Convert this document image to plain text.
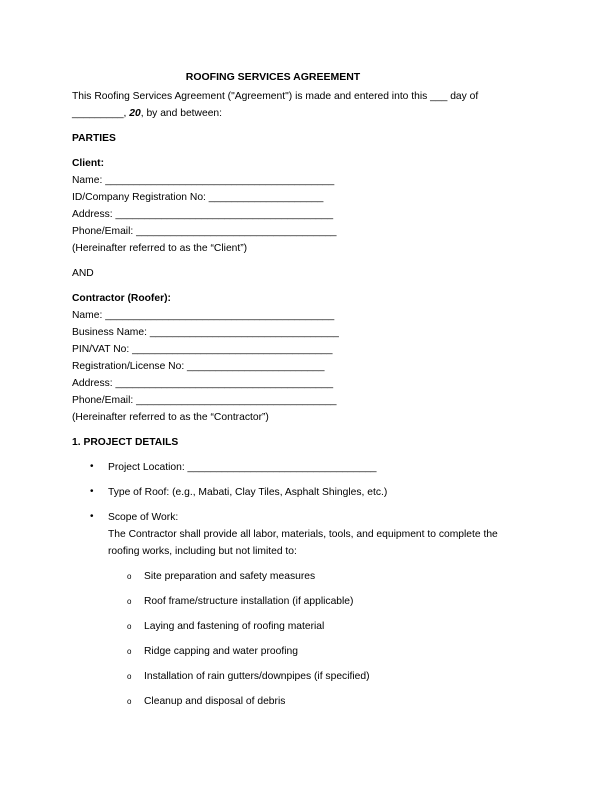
ROOFING SERVICES AGREEMENT
This Roofing Services Agreement ("Agreement") is made and entered into this ___ day of
_________, 20, by and between:
PARTIES
Client:
Name: ________________________________________
ID/Company Registration No: ____________________
Address: ______________________________________
Phone/Email: ___________________________________
(Hereinafter referred to as the “Client”)
AND
Contractor (Roofer):
Name: ________________________________________
Business Name: _________________________________
PIN/VAT No: ___________________________________
Registration/License No: ________________________
Address: ______________________________________
Phone/Email: ___________________________________
(Hereinafter referred to as the “Contractor”)
1. PROJECT DETAILS
• Project Location: _________________________________
• Type of Roof: (e.g., Mabati, Clay Tiles, Asphalt Shingles, etc.)
• Scope of Work:
The Contractor shall provide all labor, materials, tools, and equipment to complete the
roofing works, including but not limited to:
o Site preparation and safety measures
o Roof frame/structure installation (if applicable)
o Laying and fastening of roofing material
o Ridge capping and water proofing
o Installation of rain gutters/downpipes (if specified)
o Cleanup and disposal of debris
